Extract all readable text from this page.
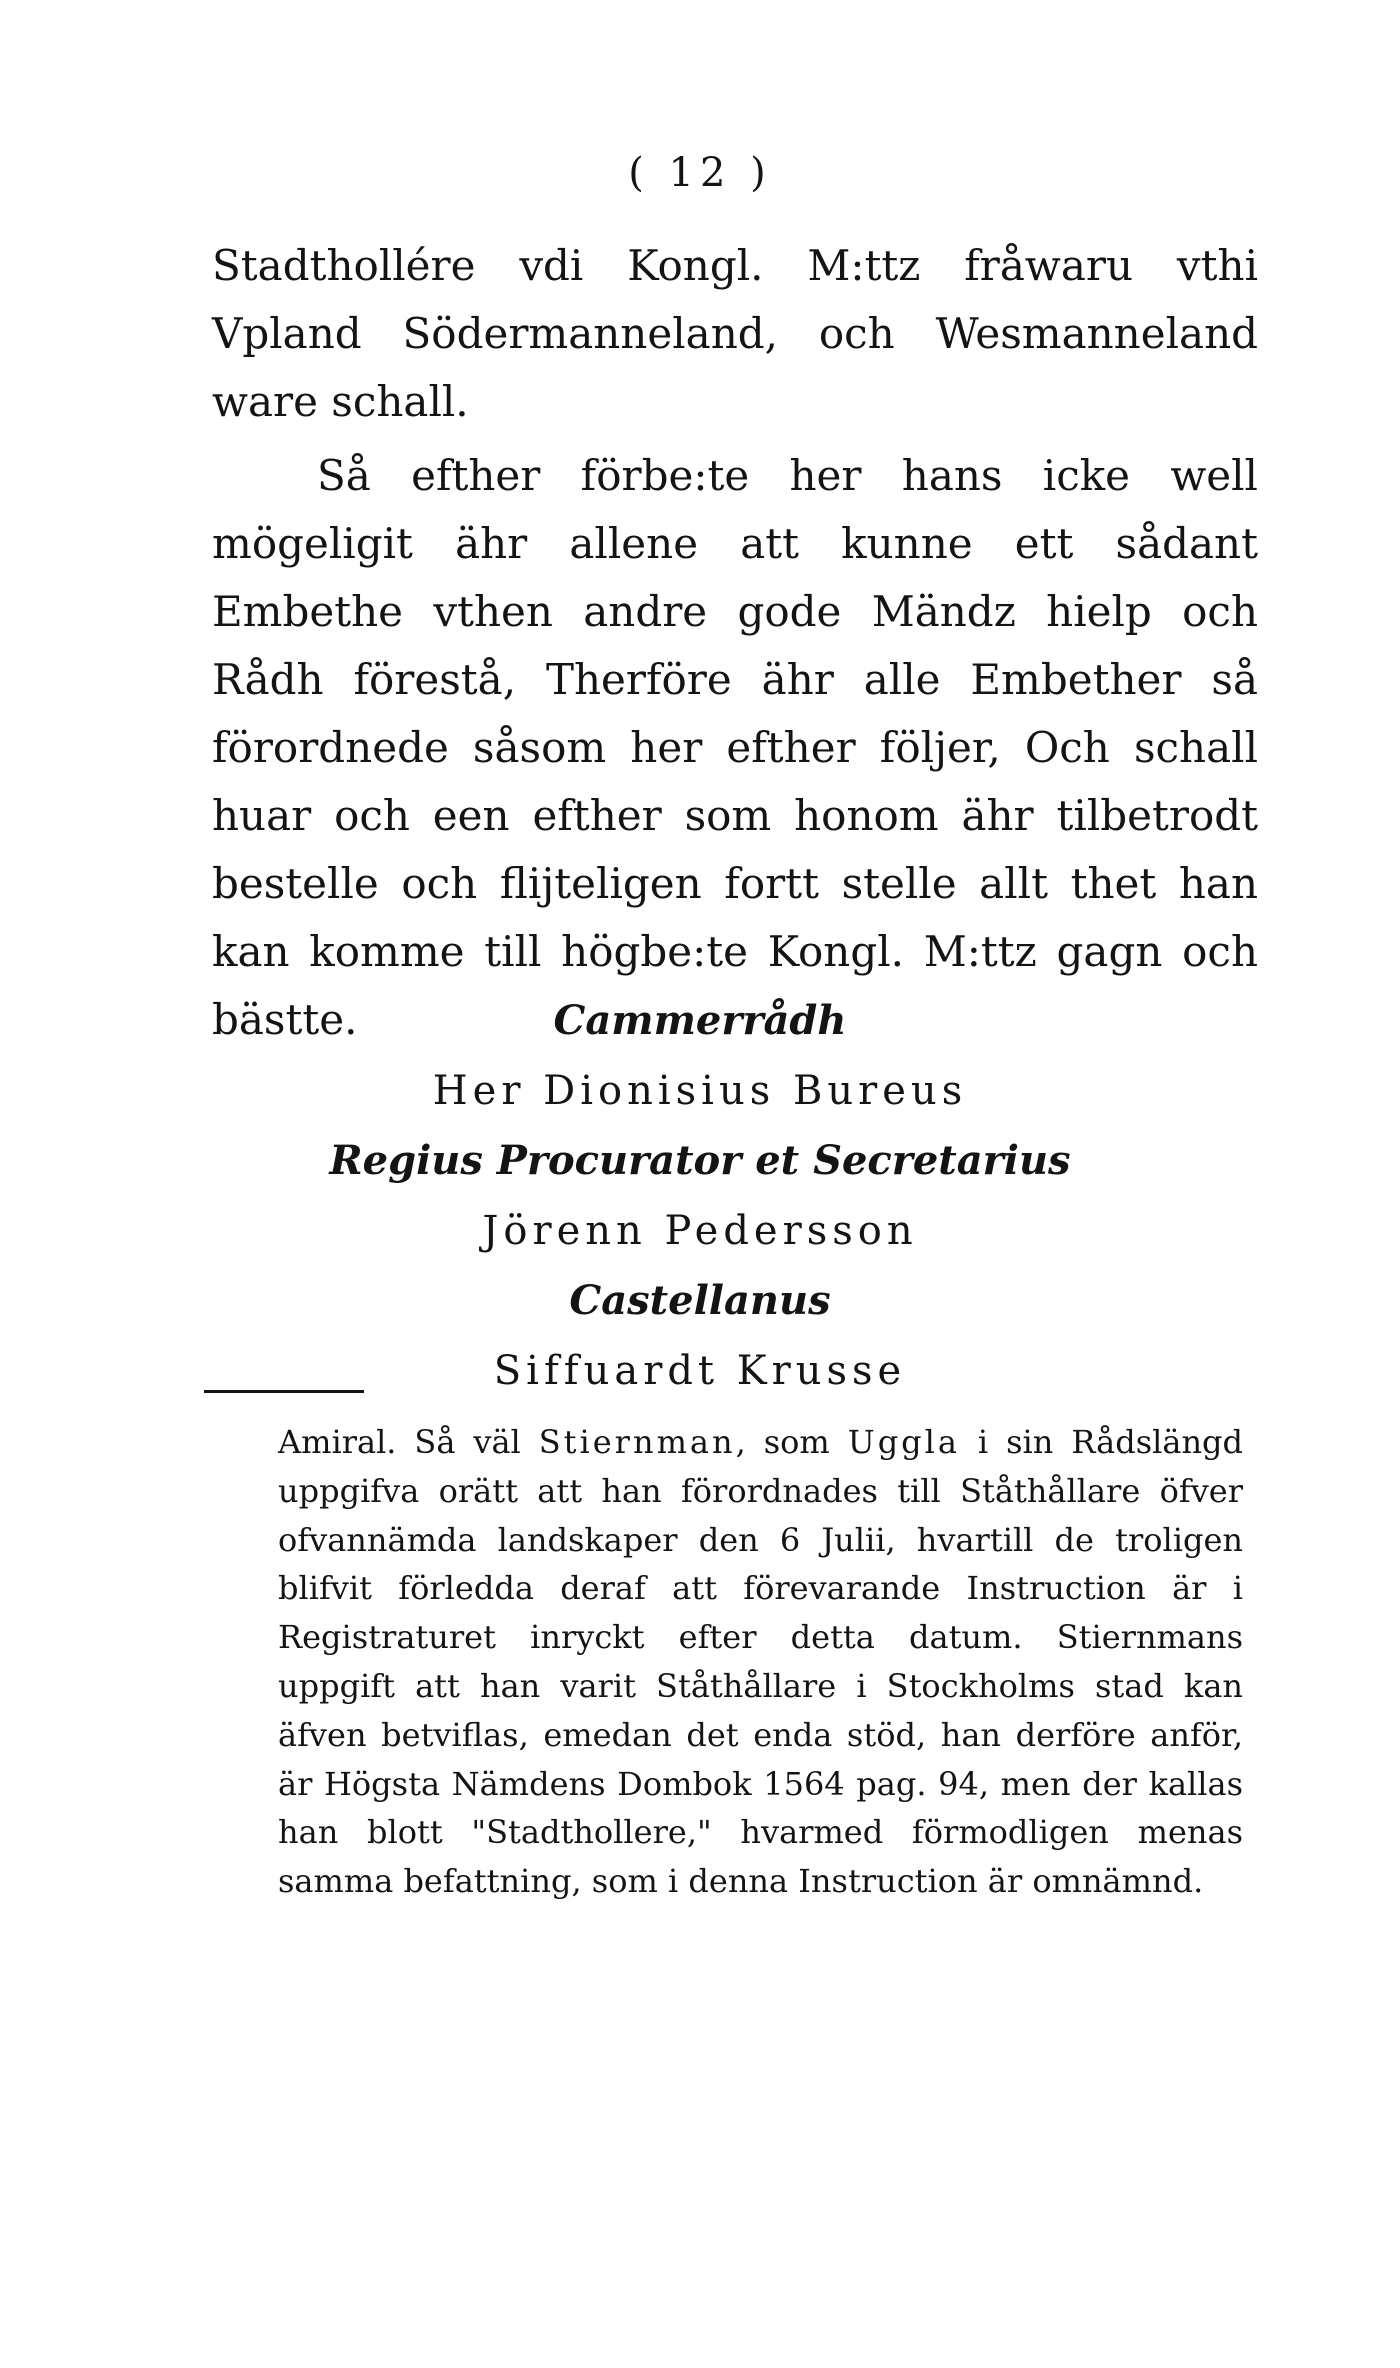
( 12 )

Stadthollére vdi Kongl. M:ttz fråwaru vthi Vpland Södermanneland, och Wesmanneland ware schall.

Så efther förbe:te her hans icke well mögeligit ähr allene att kunne ett sådant Embethe vthen andre gode Mändz hielp och Rådh förestå, Therföre ähr alle Embether så förordnede såsom her efther följer, Och schall huar och een efther som honom ähr tilbetrodt bestelle och flijteligen fortt stelle allt thet han kan komme till högbe:te Kongl. M:ttz gagn och bästte.	Cammerrådh

Her Dionisius Bureus

Regius Procurator et Secretarius

Jörenn Pedersson

Castellanus

Siffuardt Krusse

Amiral. Så väl Stiernman, som Uggla i sin Rådslängd uppgifva orätt att han förordnades till Ståthållare öfver ofvannämda landskaper den 6 Julii, hvartill de troligen blifvit förledda deraf att förevarande Instruction är i Registraturet inryckt efter detta datum. Stiernmans uppgift att han varit Ståthållare i Stockholms stad kan äfven betviflas, emedan det enda stöd, han derföre anför, är Högsta Nämdens Dombok 1564 pag. 94, men der kallas han blott "Stadthollere," hvarmed förmodligen menas samma befattning, som i denna Instruction är omnämnd.
